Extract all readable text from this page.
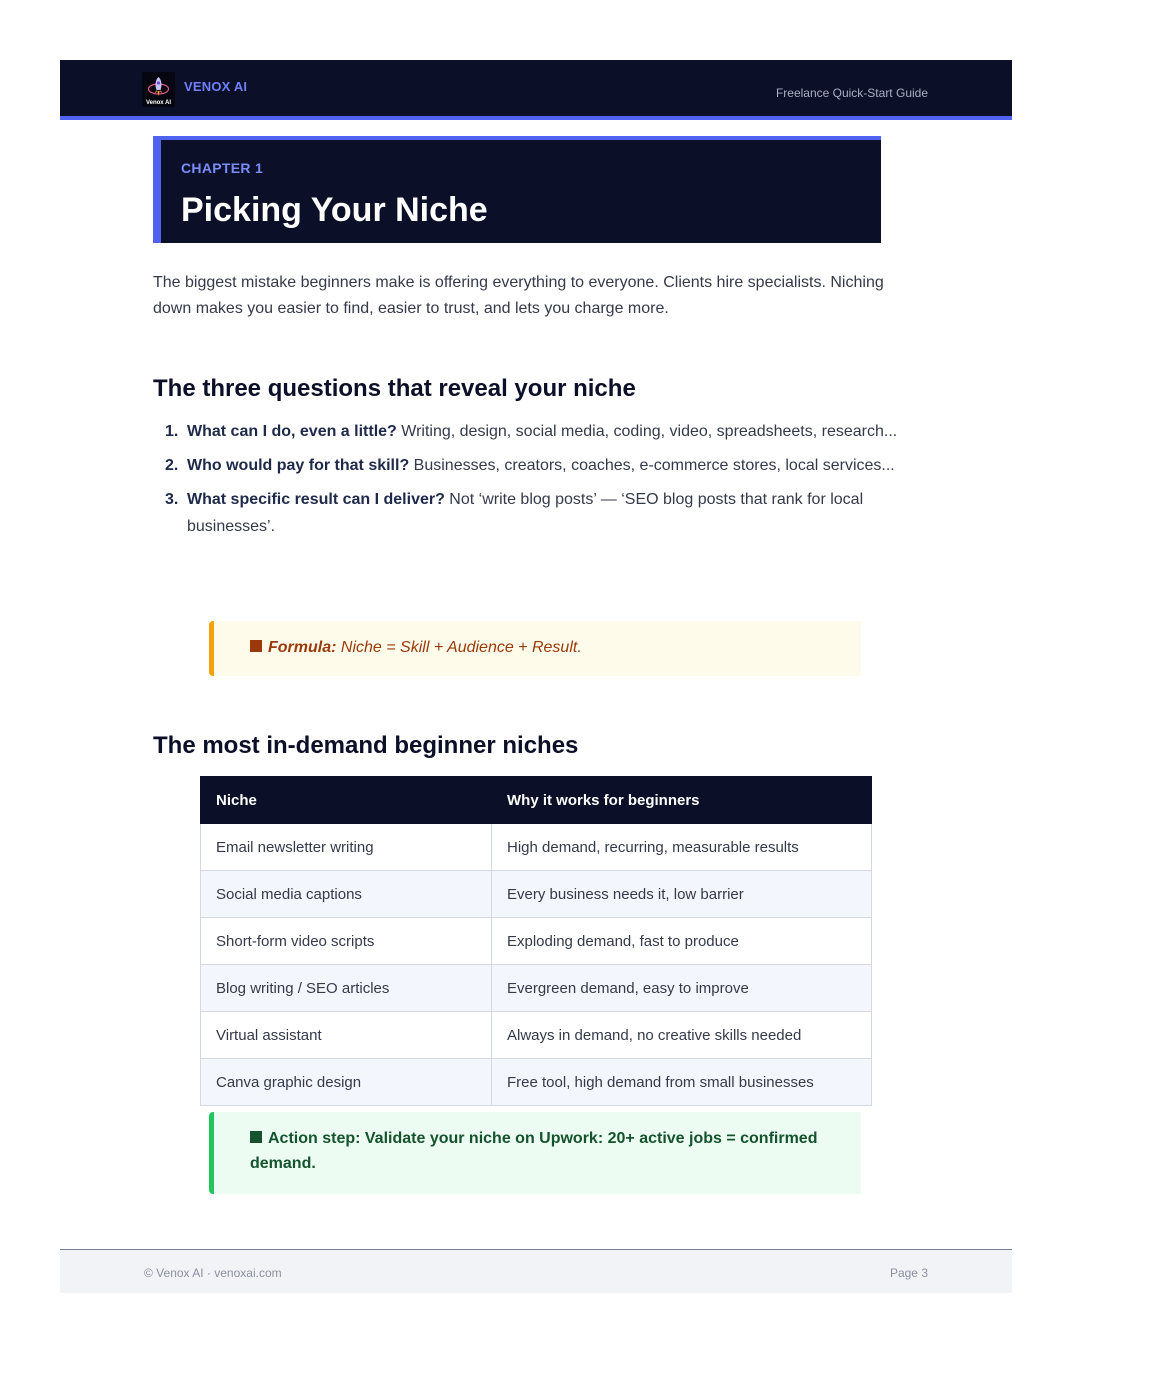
Venox AI
VENOX AI	Freelance Quick-Start Guide
CHAPTER 1
Picking Your Niche

The biggest mistake beginners make is offering everything to everyone. Clients hire specialists. Niching down makes you easier to find, easier to trust, and lets you charge more.

The three questions that reveal your niche
1. What can I do, even a little? Writing, design, social media, coding, video, spreadsheets, research...
2. Who would pay for that skill? Businesses, creators, coaches, e-commerce stores, local services...
3. What specific result can I deliver? Not ‘write blog posts’ — ‘SEO blog posts that rank for local businesses’.
Formula: Niche = Skill + Audience + Result.
The most in-demand beginner niches
Niche	Why it works for beginners
Email newsletter writing	High demand, recurring, measurable results
Social media captions	Every business needs it, low barrier
Short-form video scripts	Exploding demand, fast to produce
Blog writing / SEO articles	Evergreen demand, easy to improve
Virtual assistant	Always in demand, no creative skills needed
Canva graphic design	Free tool, high demand from small businesses
Action step: Validate your niche on Upwork: 20+ active jobs = confirmed demand.
© Venox AI · venoxai.com	Page 3
